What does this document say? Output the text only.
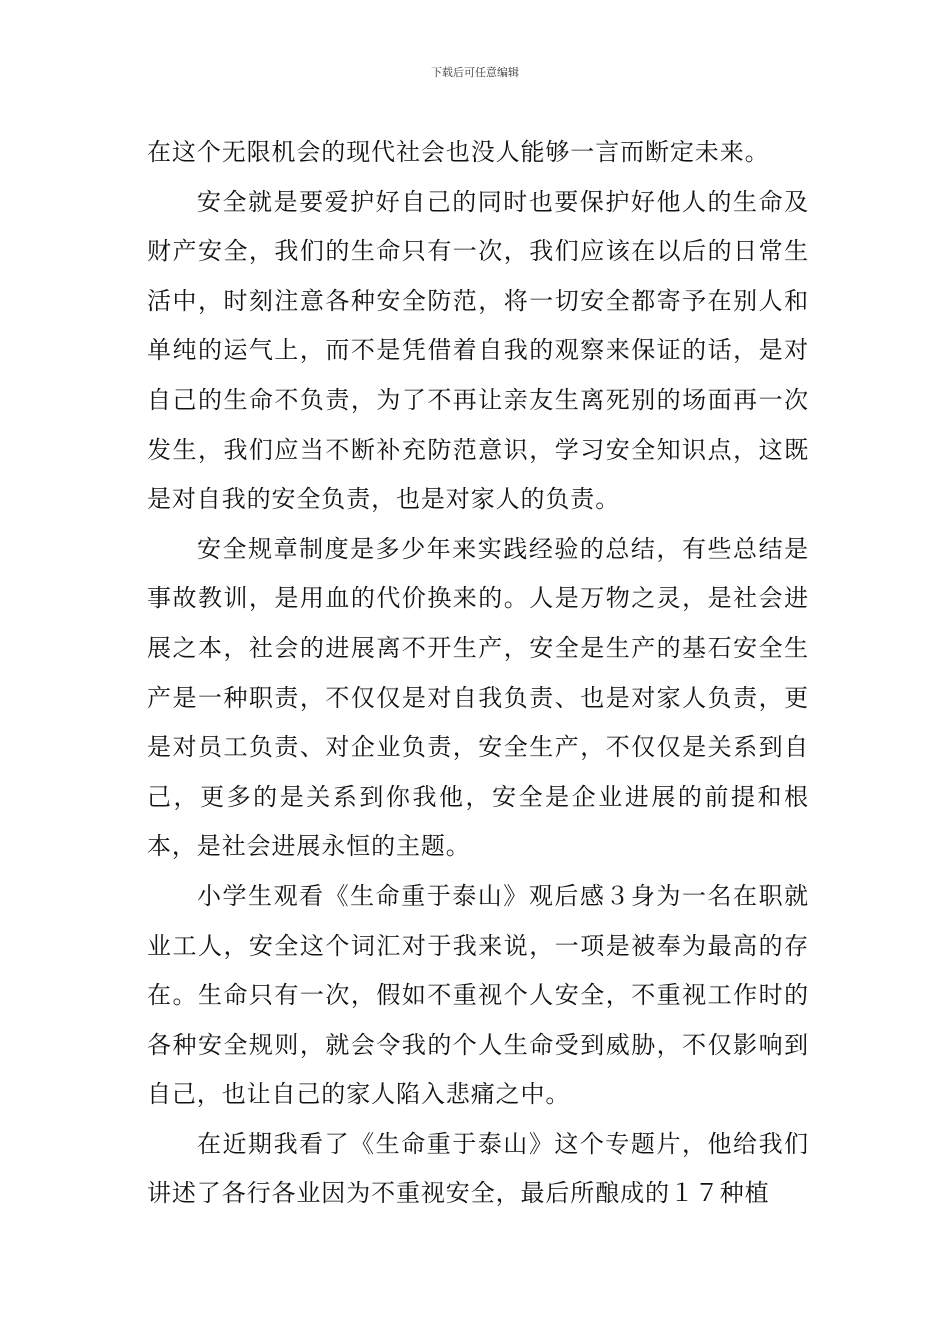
下载后可任意编辑

在这个无限机会的现代社会也没人能够一言而断定未来。

安全就是要爱护好自己的同时也要保护好他人的生命及财产安全，我们的生命只有一次，我们应该在以后的日常生活中，时刻注意各种安全防范，将一切安全都寄予在别人和单纯的运气上，而不是凭借着自我的观察来保证的话，是对自己的生命不负责，为了不再让亲友生离死别的场面再一次发生，我们应当不断补充防范意识，学习安全知识点，这既是对自我的安全负责，也是对家人的负责。

安全规章制度是多少年来实践经验的总结，有些总结是事故教训，是用血的代价换来的。人是万物之灵，是社会进展之本，社会的进展离不开生产，安全是生产的基石安全生产是一种职责，不仅仅是对自我负责、也是对家人负责，更是对员工负责、对企业负责，安全生产，不仅仅是关系到自己，更多的是关系到你我他，安全是企业进展的前提和根本，是社会进展永恒的主题。

小学生观看《生命重于泰山》观后感３身为一名在职就业工人，安全这个词汇对于我来说，一项是被奉为最高的存在。生命只有一次，假如不重视个人安全，不重视工作时的各种安全规则，就会令我的个人生命受到威胁，不仅影响到自己，也让自己的家人陷入悲痛之中。

在近期我看了《生命重于泰山》这个专题片，他给我们讲述了各行各业因为不重视安全，最后所酿成的１７种植
